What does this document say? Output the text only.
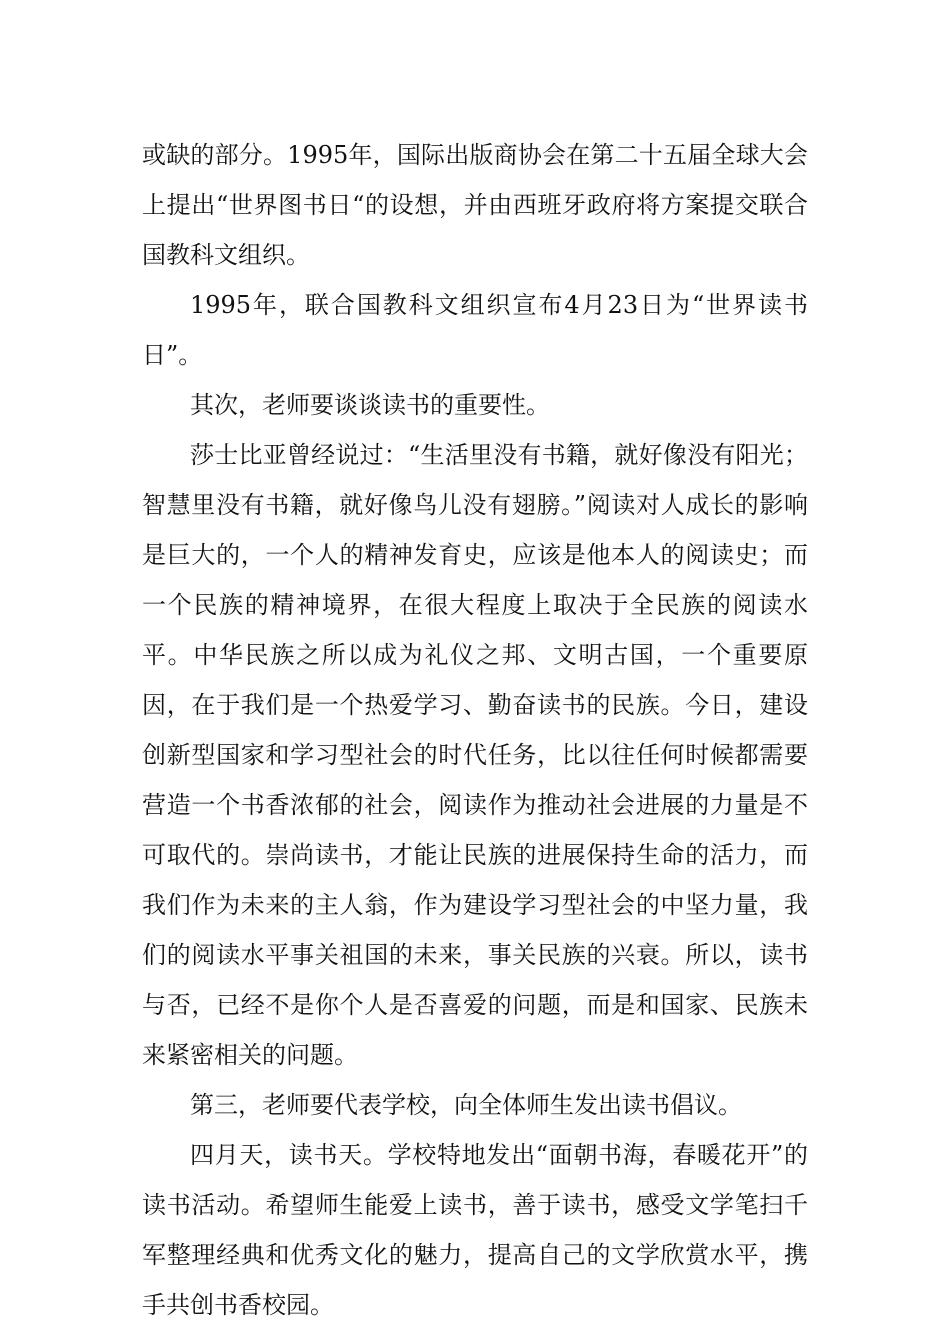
或缺的部分。1995年，国际出版商协会在第二十五届全球大会上提出“世界图书日“的设想，并由西班牙政府将方案提交联合国教科文组织。

1995年，联合国教科文组织宣布4月23日为“世界读书日”。

其次，老师要谈谈读书的重要性。

莎士比亚曾经说过：“生活里没有书籍，就好像没有阳光；智慧里没有书籍，就好像鸟儿没有翅膀。”阅读对人成长的影响是巨大的，一个人的精神发育史，应该是他本人的阅读史；而一个民族的精神境界，在很大程度上取决于全民族的阅读水平。中华民族之所以成为礼仪之邦、文明古国，一个重要原因，在于我们是一个热爱学习、勤奋读书的民族。今日，建设创新型国家和学习型社会的时代任务，比以往任何时候都需要营造一个书香浓郁的社会，阅读作为推动社会进展的力量是不可取代的。崇尚读书，才能让民族的进展保持生命的活力，而我们作为未来的主人翁，作为建设学习型社会的中坚力量，我们的阅读水平事关祖国的未来，事关民族的兴衰。所以，读书与否，已经不是你个人是否喜爱的问题，而是和国家、民族未来紧密相关的问题。

第三，老师要代表学校，向全体师生发出读书倡议。

四月天，读书天。学校特地发出“面朝书海，春暖花开”的读书活动。希望师生能爱上读书，善于读书，感受文学笔扫千军整理经典和优秀文化的魅力，提高自己的文学欣赏水平，携手共创书香校园。
